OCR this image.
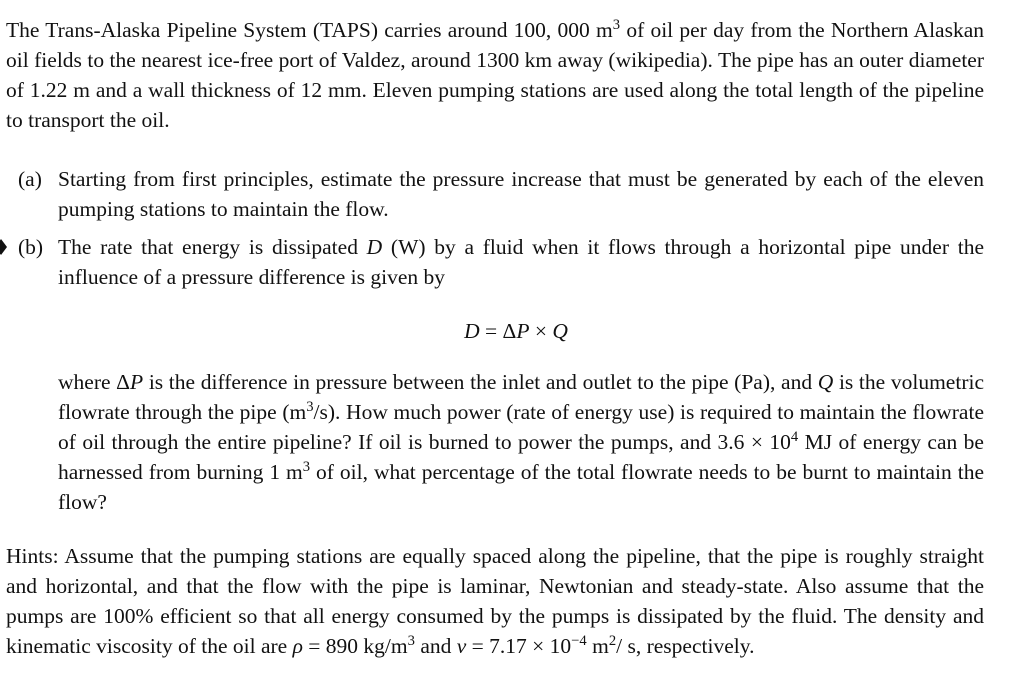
The Trans-Alaska Pipeline System (TAPS) carries around 100, 000 $m^3$ of oil per day from the Northern Alaskan oil fields to the nearest ice-free port of Valdez, around 1300 km away (wikipedia). The pipe has an outer diameter of 1.22 m and a wall thickness of 12 mm. Eleven pumping stations are used along the total length of the pipeline to transport the oil.

(a) Starting from first principles, estimate the pressure increase that must be generated by each of the eleven pumping stations to maintain the flow.

(b) The rate that energy is dissipated D (W) by a fluid when it flows through a horizontal pipe under the influence of a pressure difference is given by

D = ΔP × Q

where ΔP is the difference in pressure between the inlet and outlet to the pipe (Pa), and Q is the volumetric flowrate through the pipe $(m^3/s)$. How much power (rate of energy use) is required to maintain the flowrate of oil through the entire pipeline? If oil is burned to power the pumps, and $3.6 \times 10^4$ MJ of energy can be harnessed from burning 1 $m^3$ of oil, what percentage of the total flowrate needs to be burnt to maintain the flow?

Hints: Assume that the pumping stations are equally spaced along the pipeline, that the pipe is roughly straight and horizontal, and that the flow with the pipe is laminar, Newtonian and steady-state. Also assume that the pumps are 100% efficient so that all energy consumed by the pumps is dissipated by the fluid. The density and kinematic viscosity of the oil are ρ = 890 $kg/m^3$ and $\nu = 7.17 \times 10^{-4}$ $m^2/$ s, respectively.
